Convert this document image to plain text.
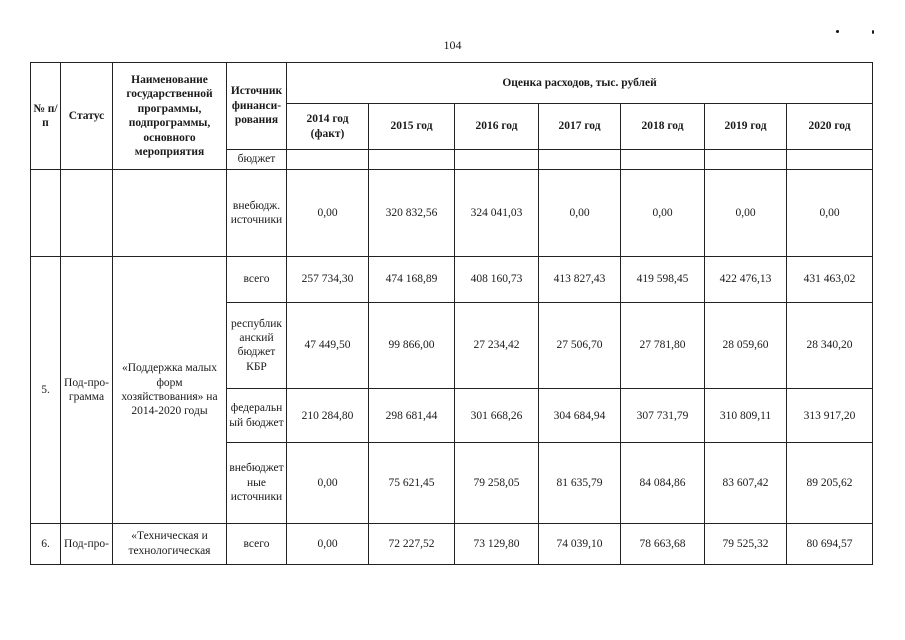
104
№ п/п	Статус	Наименование государственной программы, подпрограммы, основного мероприятия	Источник финанси-рования	Оценка расходов, тыс. рублей						
				2014 год (факт)	2015 год	2016 год	2017 год	2018 год	2019 год	2020 год
			бюджет							
			внебюдж. источники	0,00	320 832,56	324 041,03	0,00	0,00	0,00	0,00
5.	Под-про-грамма	«Поддержка малых форм хозяйствования» на 2014-2020 годы	всего	257 734,30	474 168,89	408 160,73	413 827,43	419 598,45	422 476,13	431 463,02
			республиканский бюджет КБР	47 449,50	99 866,00	27 234,42	27 506,70	27 781,80	28 059,60	28 340,20
			федеральный бюджет	210 284,80	298 681,44	301 668,26	304 684,94	307 731,79	310 809,11	313 917,20
			внебюджетные источники	0,00	75 621,45	79 258,05	81 635,79	84 084,86	83 607,42	89 205,62
6.	Под-про-	«Техническая и технологическая	всего	0,00	72 227,52	73 129,80	74 039,10	78 663,68	79 525,32	80 694,57
